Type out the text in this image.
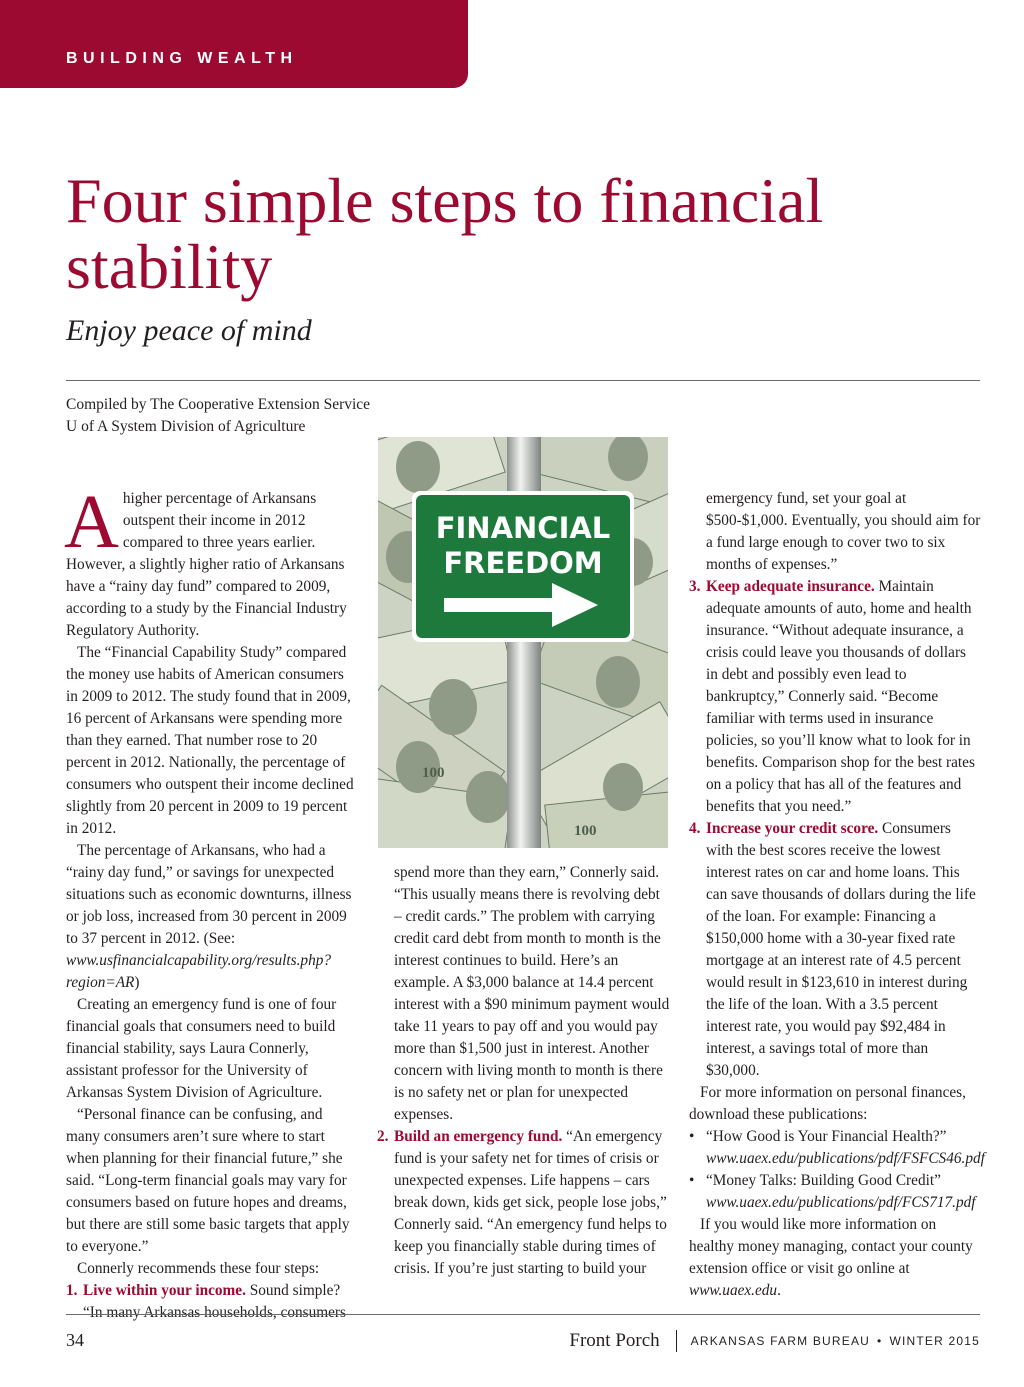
BUILDING WEALTH
Four simple steps to financial stability
Enjoy peace of mind
Compiled by The Cooperative Extension Service
U of A System Division of Agriculture
FINANCIAL
FREEDOM
100
100

Ahigher percentage of Arkansans outspent their income in 2012 compared to three years earlier. However, a slightly higher ratio of Arkansans have a “rainy day fund” compared to 2009, according to a study by the Financial Industry Regulatory Authority.

The “Financial Capability Study” compared the money use habits of American consumers in 2009 to 2012. The study found that in 2009, 16 percent of Arkansans were spending more than they earned. That number rose to 20 percent in 2012. Nationally, the percentage of consumers who outspent their income declined slightly from 20 percent in 2009 to 19 percent in 2012.

The percentage of Arkansans, who had a “rainy day fund,” or savings for unexpected situations such as economic downturns, illness or job loss, increased from 30 percent in 2009 to 37 percent in 2012. (See: www.usfinancialcapability.org/results.php?region=AR)

Creating an emergency fund is one of four financial goals that consumers need to build financial stability, says Laura Connerly, assistant professor for the University of Arkansas System Division of Agriculture.

“Personal finance can be confusing, and many consumers aren’t sure where to start when planning for their financial future,” she said. “Long-term financial goals may vary for consumers based on future hopes and dreams, but there are still some basic targets that apply to everyone.”

Connerly recommends these four steps:

1. Live within your income. Sound simple?

“In many Arkansas households, consumers

spend more than they earn,” Connerly said. “This usually means there is revolving debt – credit cards.” The problem with carrying credit card debt from month to month is the interest continues to build. Here’s an example. A $3,000 balance at 14.4 percent interest with a $90 minimum payment would take 11 years to pay off and you would pay more than $1,500 just in interest. Another concern with living month to month is there is no safety net or plan for unexpected expenses.

2. Build an emergency fund. “An emergency fund is your safety net for times of crisis or unexpected expenses. Life happens – cars break down, kids get sick, people lose jobs,” Connerly said. “An emergency fund helps to keep you financially stable during times of crisis. If you’re just starting to build your

emergency fund, set your goal at $500-$1,000. Eventually, you should aim for a fund large enough to cover two to six months of expenses.”

3. Keep adequate insurance. Maintain adequate amounts of auto, home and health insurance. “Without adequate insurance, a crisis could leave you thousands of dollars in debt and possibly even lead to bankruptcy,” Connerly said. “Become familiar with terms used in insurance policies, so you’ll know what to look for in benefits. Comparison shop for the best rates on a policy that has all of the features and benefits that you need.”

4. Increase your credit score. Consumers with the best scores receive the lowest interest rates on car and home loans. This can save thousands of dollars during the life of the loan. For example: Financing a $150,000 home with a 30-year fixed rate mortgage at an interest rate of 4.5 percent would result in $123,610 in interest during the life of the loan. With a 3.5 percent interest rate, you would pay $92,484 in interest, a savings total of more than $30,000.

For more information on personal finances, download these publications:

• “How Good is Your Financial Health?”

www.uaex.edu/publications/pdf/FSFCS46.pdf

• “Money Talks: Building Good Credit”

www.uaex.edu/publications/pdf/FCS717.pdf

If you would like more information on healthy money managing, contact your county extension office or visit go online at www.uaex.edu.

34	Front Porch	ARKANSAS FARM BUREAU • WINTER 2015
